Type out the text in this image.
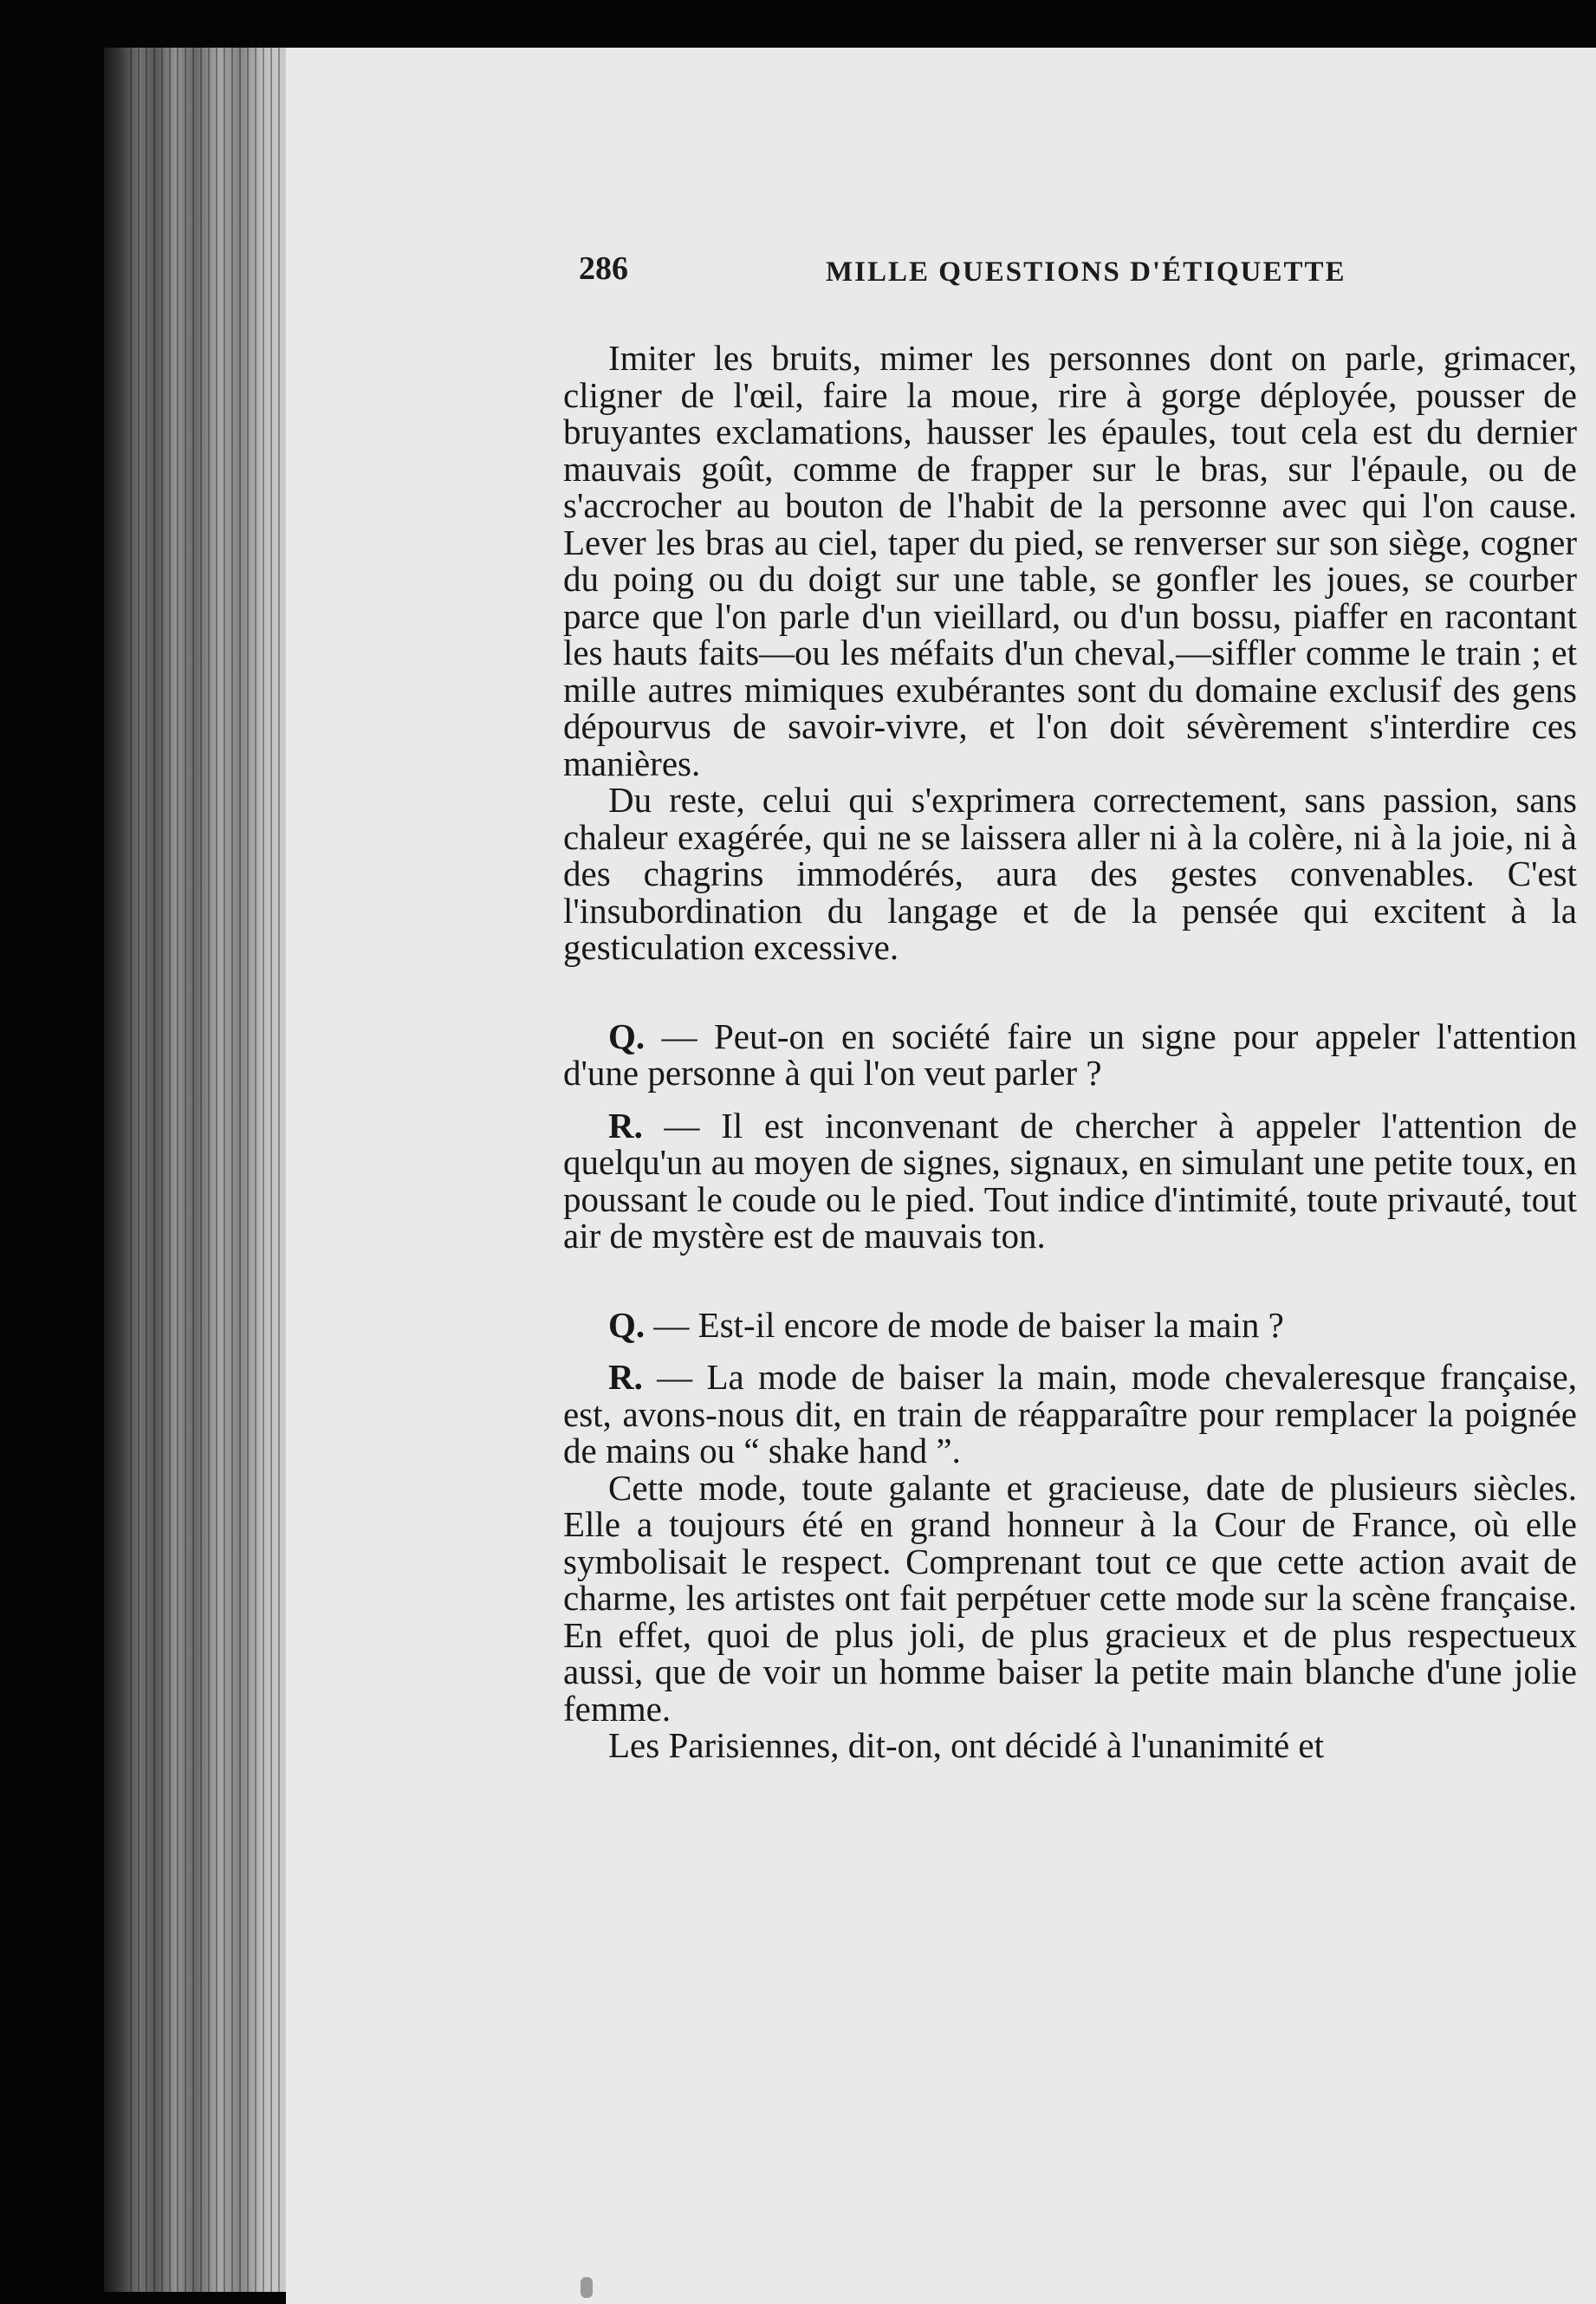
286	MILLE QUESTIONS D'ÉTIQUETTE

Imiter les bruits, mimer les personnes dont on parle, grimacer, cligner de l'œil, faire la moue, rire à gorge déployée, pousser de bruyantes exclamations, hausser les épaules, tout cela est du dernier mauvais goût, comme de frapper sur le bras, sur l'épaule, ou de s'accrocher au bouton de l'habit de la personne avec qui l'on cause. Lever les bras au ciel, taper du pied, se renverser sur son siège, cogner du poing ou du doigt sur une table, se gonfler les joues, se courber parce que l'on parle d'un vieillard, ou d'un bossu, piaffer en racontant les hauts faits—ou les méfaits d'un cheval,—siffler comme le train ; et mille autres mimiques exubérantes sont du domaine exclusif des gens dépourvus de savoir-vivre, et l'on doit sévèrement s'interdire ces manières.

Du reste, celui qui s'exprimera correctement, sans passion, sans chaleur exagérée, qui ne se laissera aller ni à la colère, ni à la joie, ni à des chagrins immodérés, aura des gestes convenables. C'est l'insubordination du langage et de la pensée qui excitent à la gesticulation excessive.

Q. — Peut-on en société faire un signe pour appeler l'attention d'une personne à qui l'on veut parler ?

R. — Il est inconvenant de chercher à appeler l'attention de quelqu'un au moyen de signes, signaux, en simulant une petite toux, en poussant le coude ou le pied. Tout indice d'intimité, toute privauté, tout air de mystère est de mauvais ton.

Q. — Est-il encore de mode de baiser la main ?

R. — La mode de baiser la main, mode chevaleresque française, est, avons-nous dit, en train de réapparaître pour remplacer la poignée de mains ou “ shake hand ”.

Cette mode, toute galante et gracieuse, date de plusieurs siècles. Elle a toujours été en grand honneur à la Cour de France, où elle symbolisait le respect. Comprenant tout ce que cette action avait de charme, les artistes ont fait perpétuer cette mode sur la scène française. En effet, quoi de plus joli, de plus gracieux et de plus respectueux aussi, que de voir un homme baiser la petite main blanche d'une jolie femme.

Les Parisiennes, dit-on, ont décidé à l'unanimité et
